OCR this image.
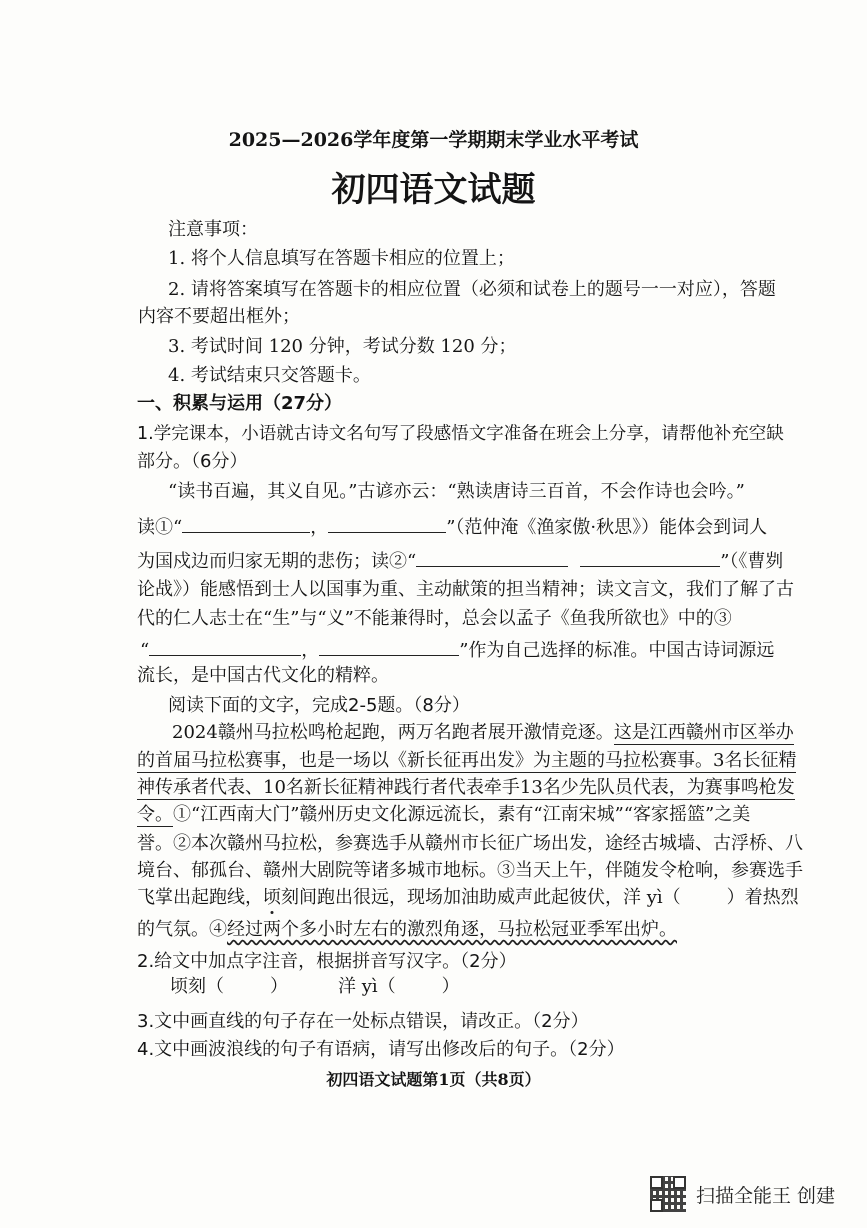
2025—2026学年度第一学期期末学业水平考试
初四语文试题
注意事项：
1. 将个人信息填写在答题卡相应的位置上；
2. 请将答案填写在答题卡的相应位置（必须和试卷上的题号一一对应），答题
内容不要超出框外；
3. 考试时间 120 分钟，考试分数 120 分；
4. 考试结束只交答题卡。
一、积累与运用（27分）
1.学完课本，小语就古诗文名句写了段感悟文字准备在班会上分享，请帮他补充空缺
部分。（6分）
“读书百遍，其义自见。”古谚亦云：“熟读唐诗三百首，不会作诗也会吟。”
读①“	，	”（范仲淹《渔家傲·秋思》）能体会到词人
为国戍边而归家无期的悲伤；读②“	”（《曹刿
论战》）能感悟到士人以国事为重、主动献策的担当精神；读文言文，我们了解了古
代的仁人志士在“生”与“义”不能兼得时，总会以孟子《鱼我所欲也》中的③
“	，	”作为自己选择的标准。中国古诗词源远
流长，是中国古代文化的精粹。
阅读下面的文字，完成2-5题。（8分）
2024赣州马拉松鸣枪起跑，两万名跑者展开激情竞逐。这是江西赣州市区举办
的首届马拉松赛事，也是一场以《新长征再出发》为主题的马拉松赛事。3名长征精
神传承者代表、10名新长征精神践行者代表牵手13名少先队员代表，为赛事鸣枪发
令。①“江西南大门”赣州历史文化源远流长，素有“江南宋城”“客家摇篮”之美
誉。②本次赣州马拉松，参赛选手从赣州市长征广场出发，途经古城墙、古浮桥、八
境台、郁孤台、赣州大剧院等诸多城市地标。③当天上午，伴随发令枪响，参赛选手
飞掌出起跑线，顷刻间跑出很远，现场加油助威声此起彼伏，洋 yì（	）着热烈
的气氛。④经过两个多小时左右的激烈角逐，马拉松冠亚季军出炉。
2.给文中加点字注音，根据拼音写汉字。（2分）
顷刻（	）	洋 yì（	）
3.文中画直线的句子存在一处标点错误，请改正。（2分）
4.文中画波浪线的句子有语病，请写出修改后的句子。（2分）
初四语文试题第1页（共8页）
扫描全能王 创建
